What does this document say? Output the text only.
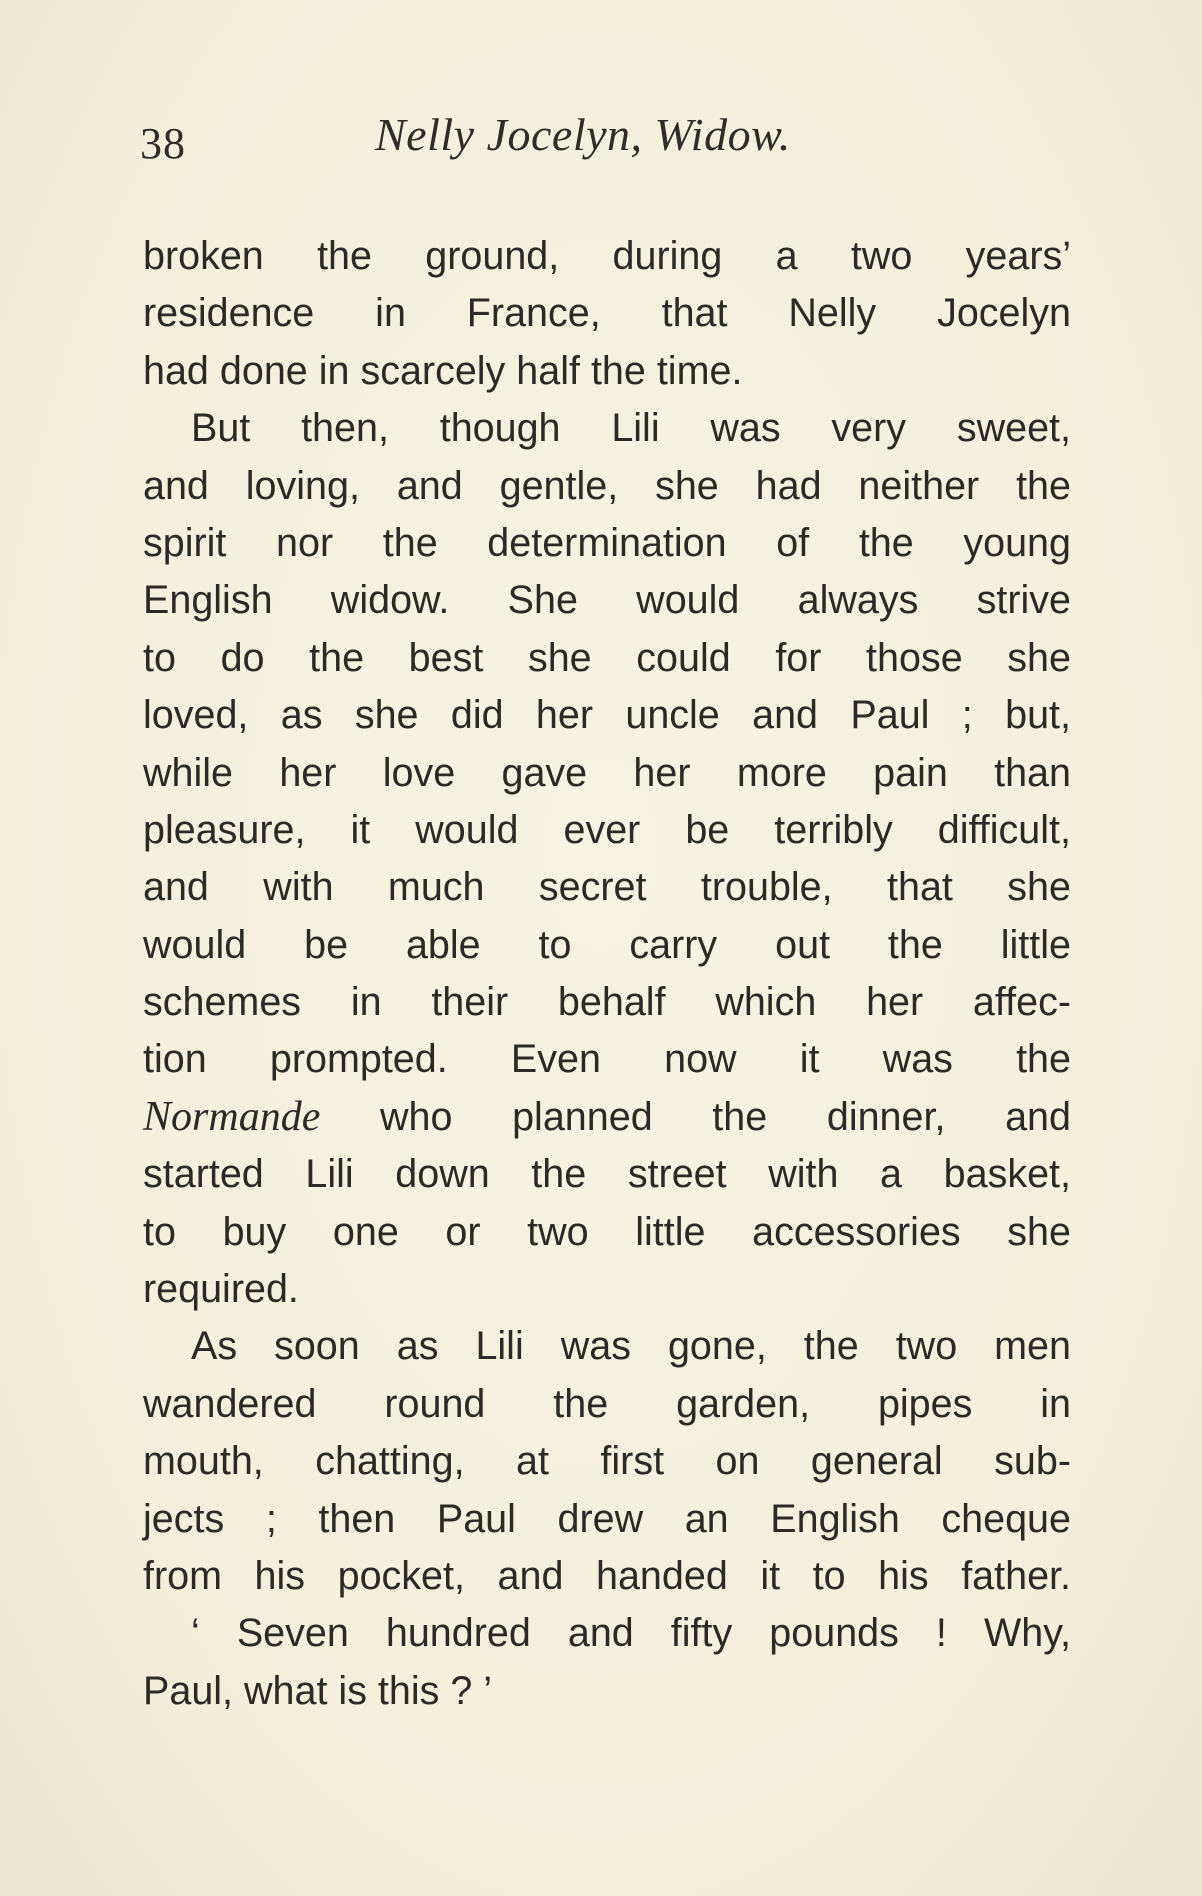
38	Nelly Jocelyn, Widow.
broken the ground, during a two years’
residence in France, that Nelly Jocelyn
had done in scarcely half the time.
But then, though Lili was very sweet,
and loving, and gentle, she had neither the
spirit nor the determination of the young
English widow. She would always strive
to do the best she could for those she
loved, as she did her uncle and Paul ; but,
while her love gave her more pain than
pleasure, it would ever be terribly difficult,
and with much secret trouble, that she
would be able to carry out the little
schemes in their behalf which her affec-
tion prompted. Even now it was the
Normande who planned the dinner, and
started Lili down the street with a basket,
to buy one or two little accessories she
required.
As soon as Lili was gone, the two men
wandered round the garden, pipes in
mouth, chatting, at first on general sub-
jects ; then Paul drew an English cheque
from his pocket, and handed it to his father.
‘ Seven hundred and fifty pounds ! Why,
Paul, what is this ? ’
